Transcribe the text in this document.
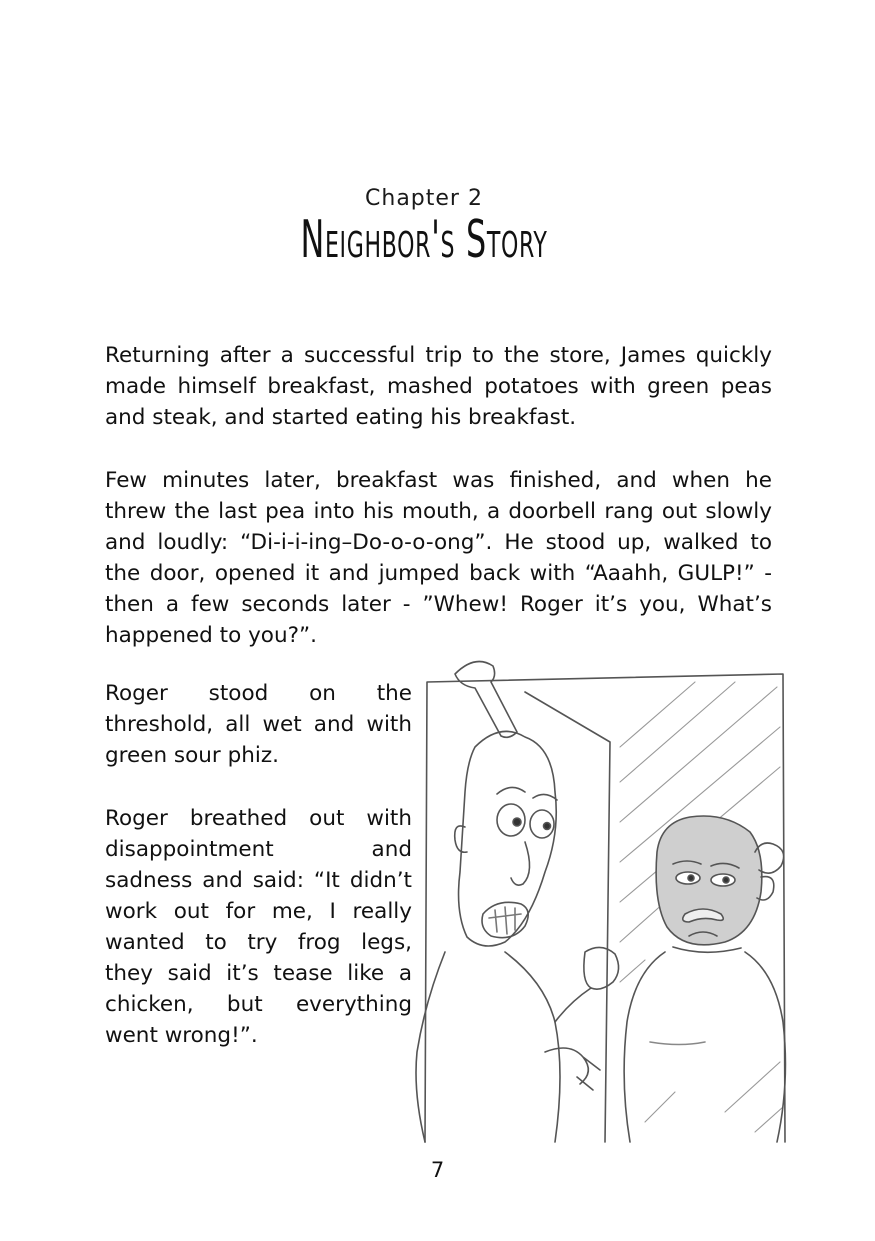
Chapter 2
Neighbor's Story

Returning after a successful trip to the store, James quickly made himself breakfast, mashed potatoes with green peas and steak, and started eating his breakfast.

Few minutes later, breakfast was finished, and when he threw the last pea into his mouth, a doorbell rang out slowly and loudly: “Di-i-i-ing–Do-o-o-ong”. He stood up, walked to the door, opened it and jumped back with “Aaahh, GULP!” - then a few seconds later - ”Whew! Roger it’s you, What’s happened to you?”.

Roger stood on the threshold, all wet and with green sour phiz.

Roger breathed out with disappointment and sadness and said: “It didn’t work out for me, I really wanted to try frog legs, they said it’s tease like a chicken, but everything went wrong!”.

7
